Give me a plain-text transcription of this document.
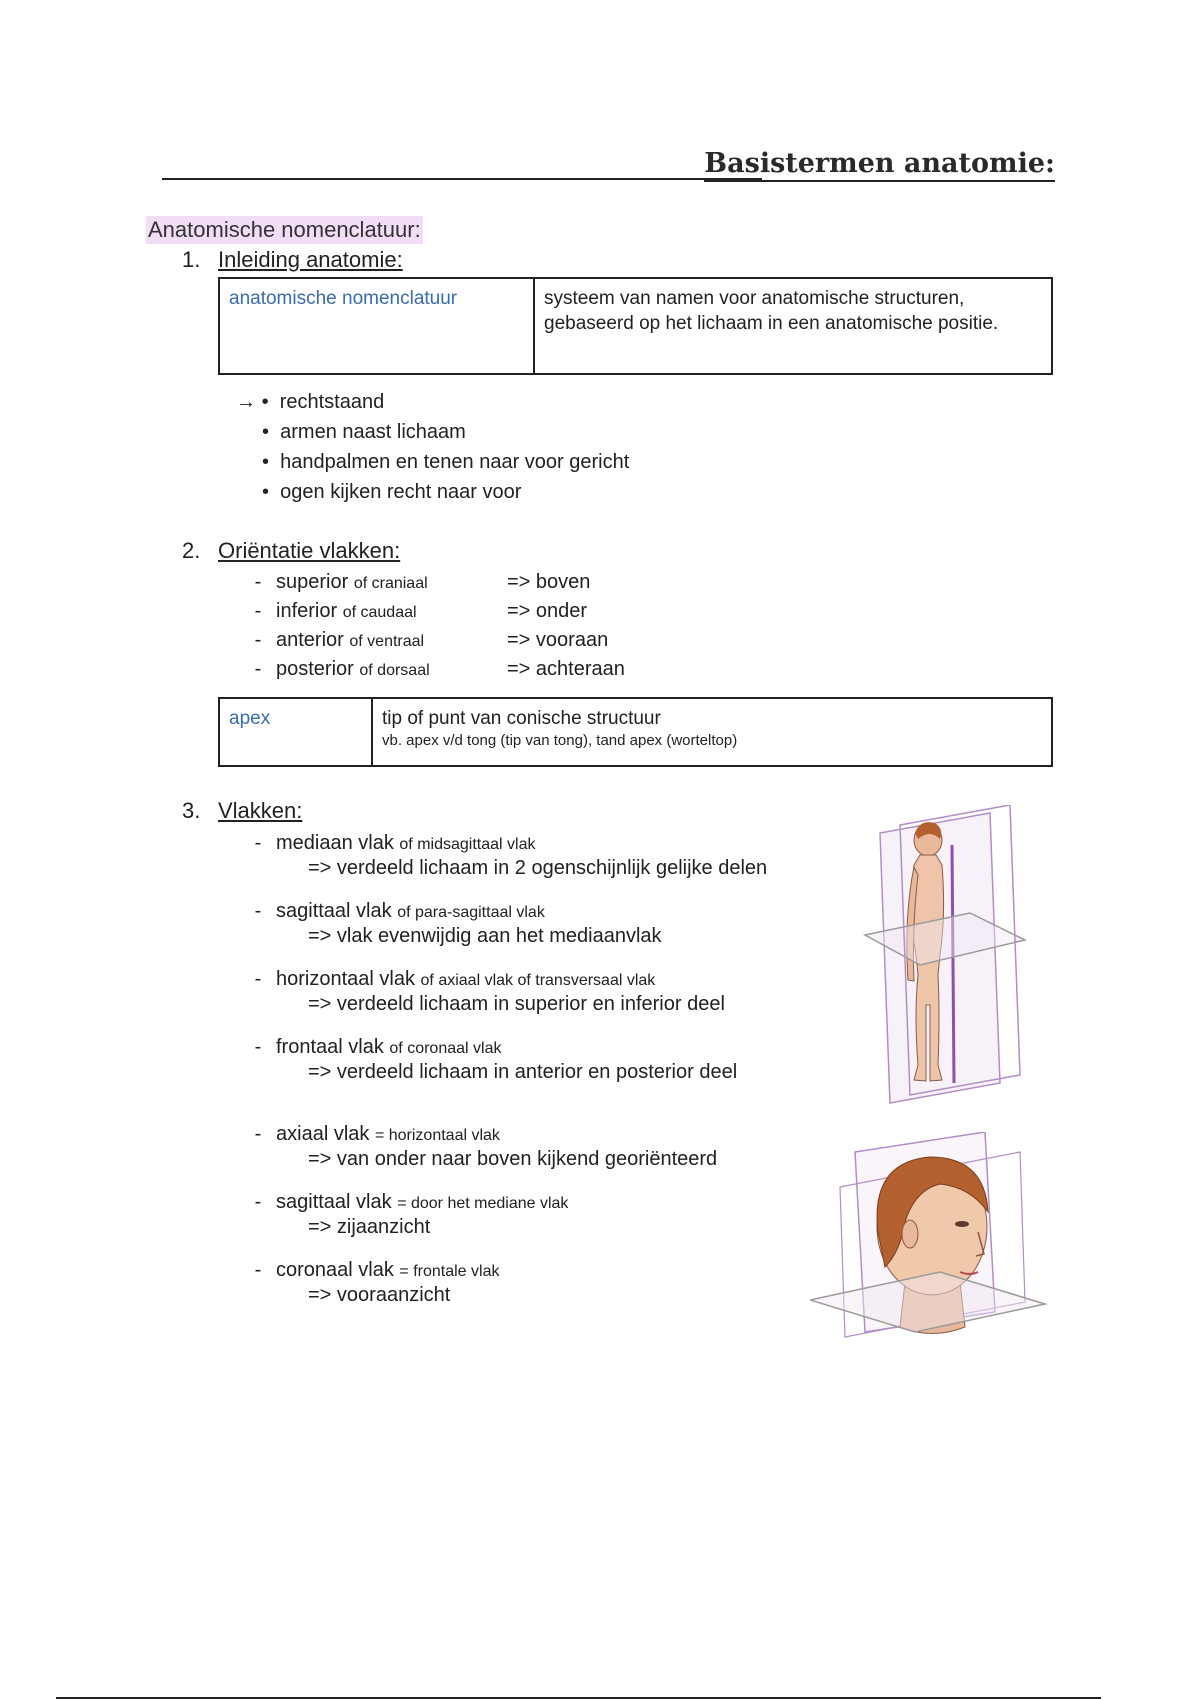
Basistermen anatomie:
Anatomische nomenclatuur:
1. Inleiding anatomie:
anatomische nomenclatuur	systeem van namen voor anatomische structuren, gebaseerd op het lichaam in een anatomische positie.
→ • rechtstaand
• armen naast lichaam
• handpalmen en tenen naar voor gericht
• ogen kijken recht naar voor
2. Oriëntatie vlakken:
- superior of craniaal	=> boven
- inferior of caudaal	=> onder
- anterior of ventraal	=> vooraan
- posterior of dorsaal	=> achteraan
apex	tip of punt van conische structuur
vb. apex v/d tong (tip van tong), tand apex (worteltop)
3. Vlakken:
- mediaan vlak of midsagittaal vlak
=> verdeeld lichaam in 2 ogenschijnlijk gelijke delen
- sagittaal vlak of para-sagittaal vlak
=> vlak evenwijdig aan het mediaanvlak
- horizontaal vlak of axiaal vlak of transversaal vlak
=> verdeeld lichaam in superior en inferior deel
- frontaal vlak of coronaal vlak
=> verdeeld lichaam in anterior en posterior deel
- axiaal vlak = horizontaal vlak
=> van onder naar boven kijkend georiënteerd
- sagittaal vlak = door het mediane vlak
=> zijaanzicht
- coronaal vlak = frontale vlak
=> vooraanzicht
